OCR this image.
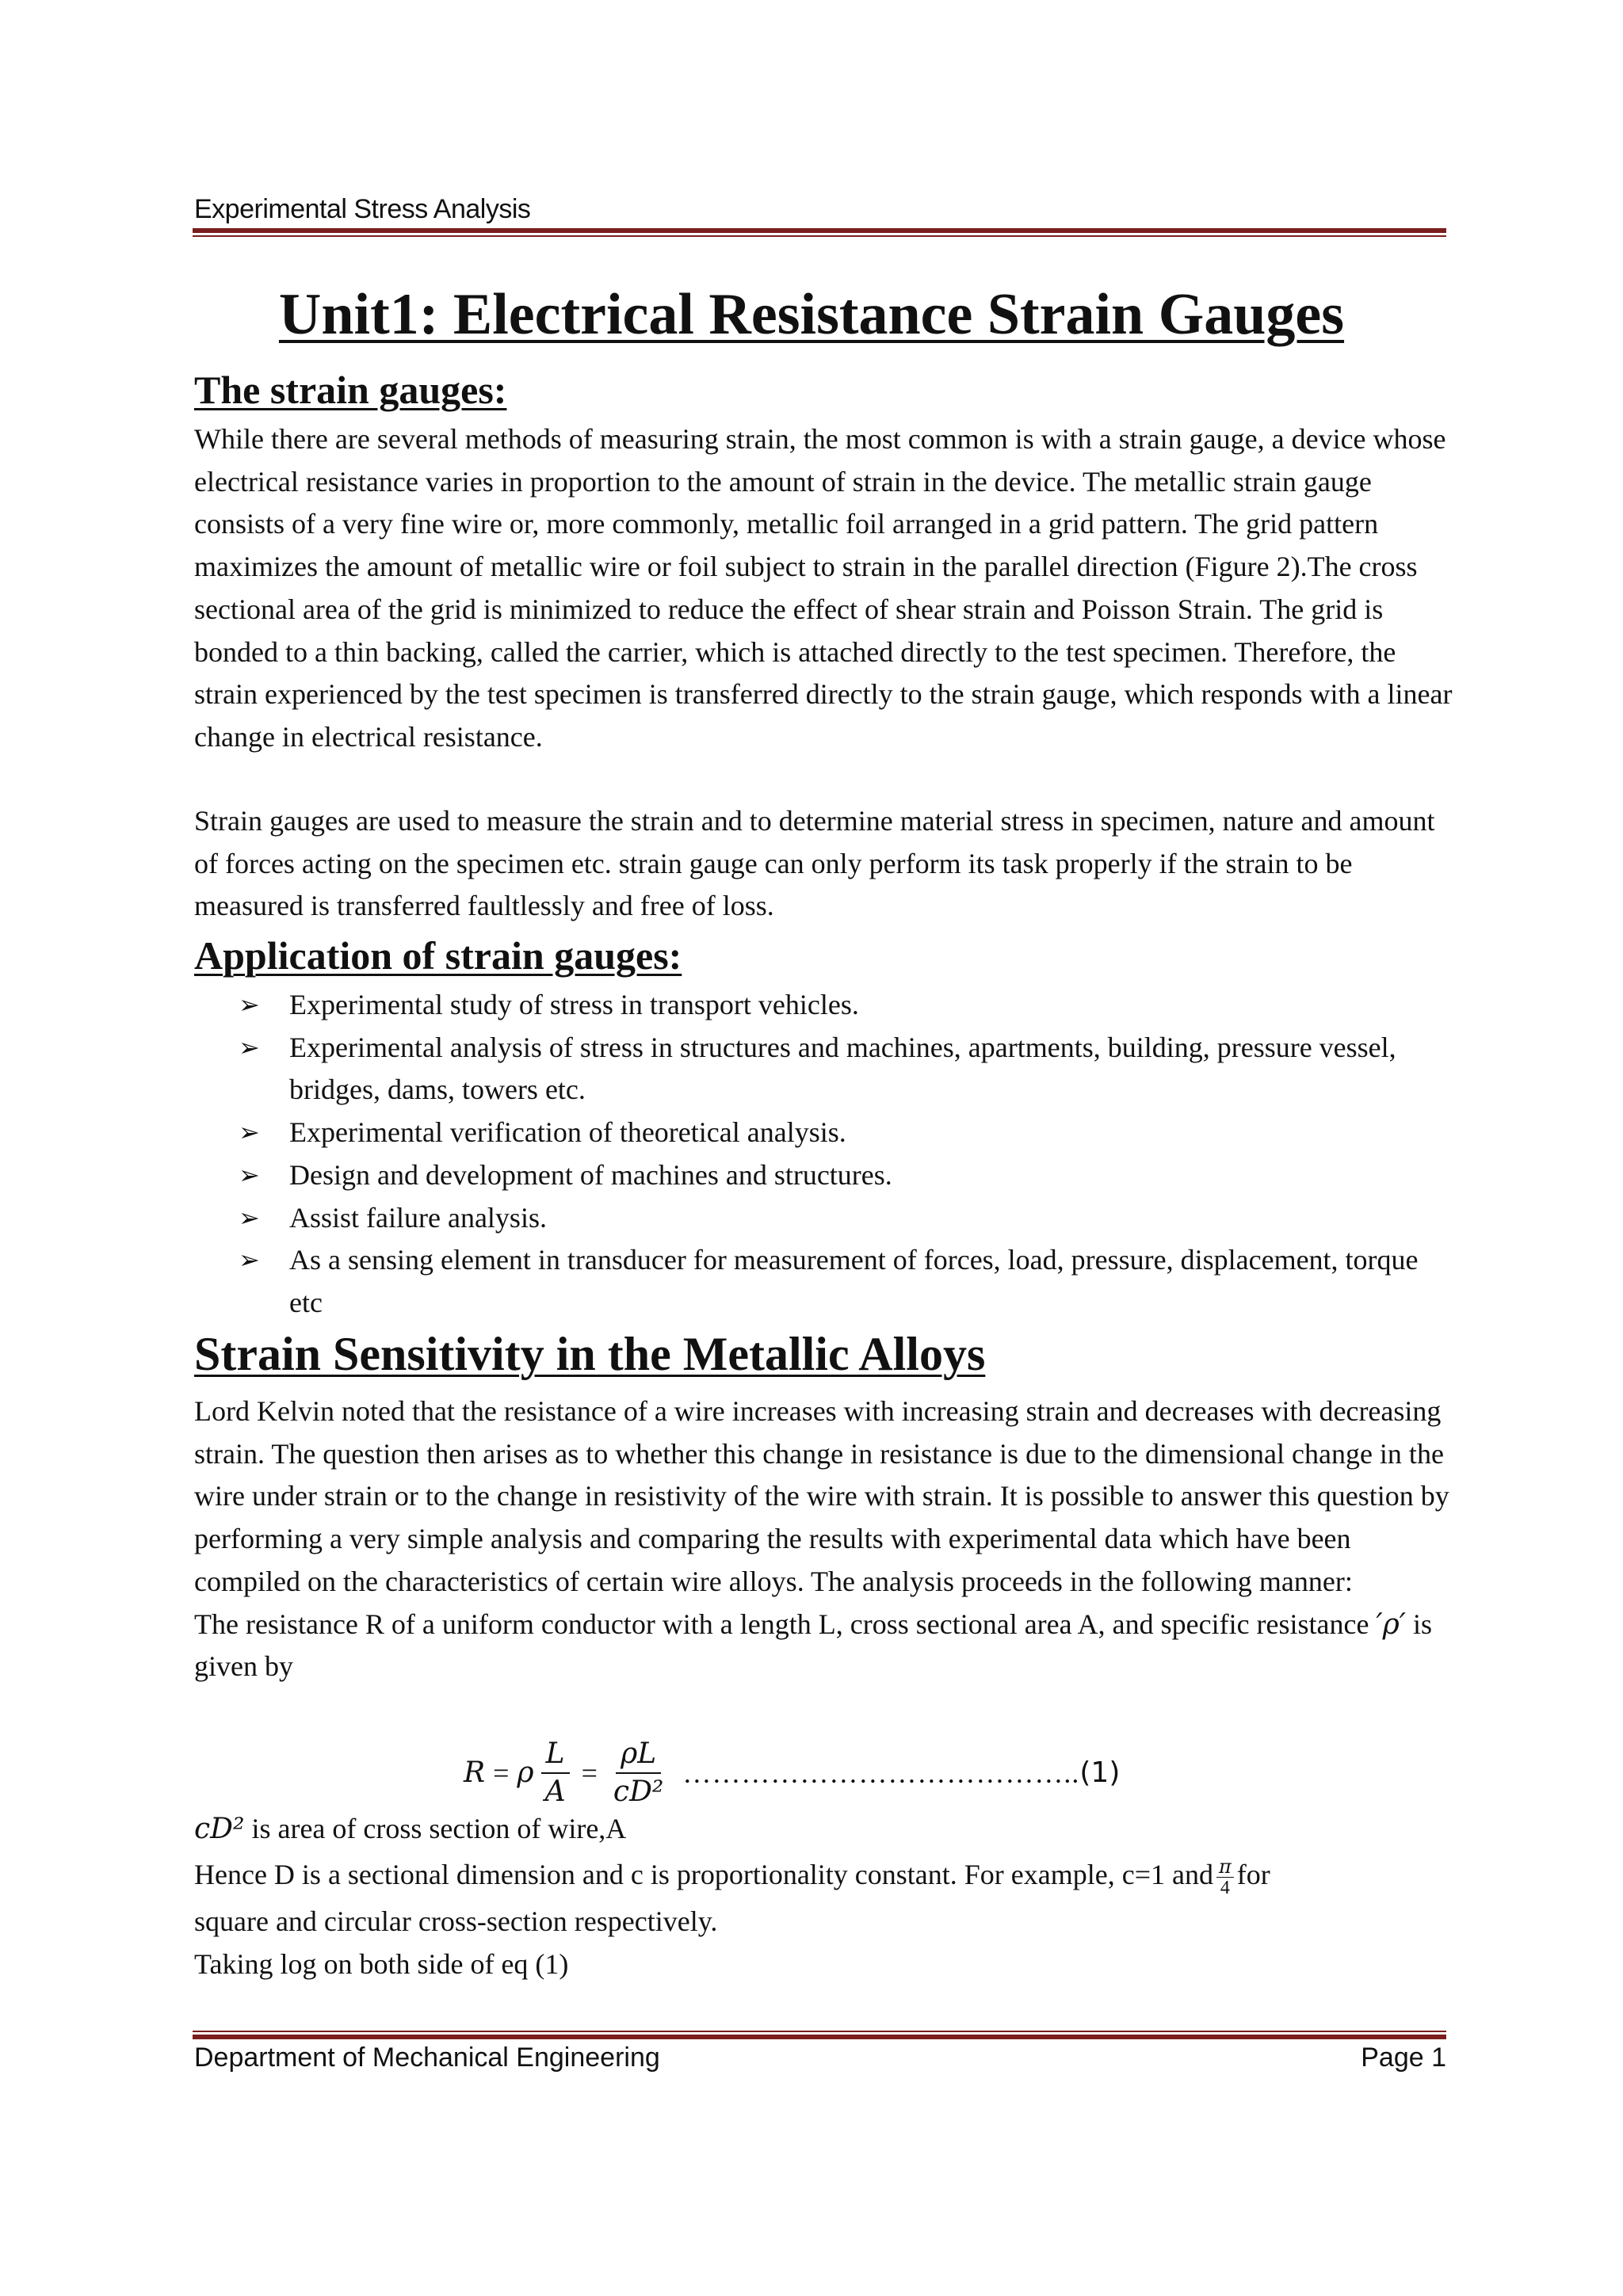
Experimental Stress Analysis
Unit1: Electrical Resistance Strain Gauges
The strain gauges:

While there are several methods of measuring strain, the most common is with a strain gauge, a device whose electrical resistance varies in proportion to the amount of strain in the device. The metallic strain gauge consists of a very fine wire or, more commonly, metallic foil arranged in a grid pattern. The grid pattern maximizes the amount of metallic wire or foil subject to strain in the parallel direction (Figure 2).The cross sectional area of the grid is minimized to reduce the effect of shear strain and Poisson Strain. The grid is bonded to a thin backing, called the carrier, which is attached directly to the test specimen. Therefore, the strain experienced by the test specimen is transferred directly to the strain gauge, which responds with a linear change in electrical resistance.

Strain gauges are used to measure the strain and to determine material stress in specimen, nature and amount of forces acting on the specimen etc. strain gauge can only perform its task properly if the strain to be measured is transferred faultlessly and free of loss.

Application of strain gauges:
➢ Experimental study of stress in transport vehicles.
➢ Experimental analysis of stress in structures and machines, apartments, building, pressure vessel, bridges, dams, towers etc.
➢ Experimental verification of theoretical analysis.
➢ Design and development of machines and structures.
➢ Assist failure analysis.
➢ As a sensing element in transducer for measurement of forces, load, pressure, displacement, torque etc
Strain Sensitivity in the Metallic Alloys

Lord Kelvin noted that the resistance of a wire increases with increasing strain and decreases with decreasing strain. The question then arises as to whether this change in resistance is due to the dimensional change in the wire under strain or to the change in resistivity of the wire with strain. It is possible to answer this question by performing a very simple analysis and comparing the results with experimental data which have been compiled on the characteristics of certain wire alloys. The analysis proceeds in the following manner:
The resistance R of a uniform conductor with a length L, cross sectional area A, and specific resistance ′ρ′ is given by

R = ρ $\frac{L}{A} = \frac{\rho L}{\text{cD²}}$ ………………………………….. (1)

cD² is area of cross section of wire,A

Hence D is a sectional dimension and c is proportionality constant. For example, c=1 and $\frac{\pi}{4}$ for

square and circular cross-section respectively.

Taking log on both side of eq (1)

Department of Mechanical Engineering	Page 1
